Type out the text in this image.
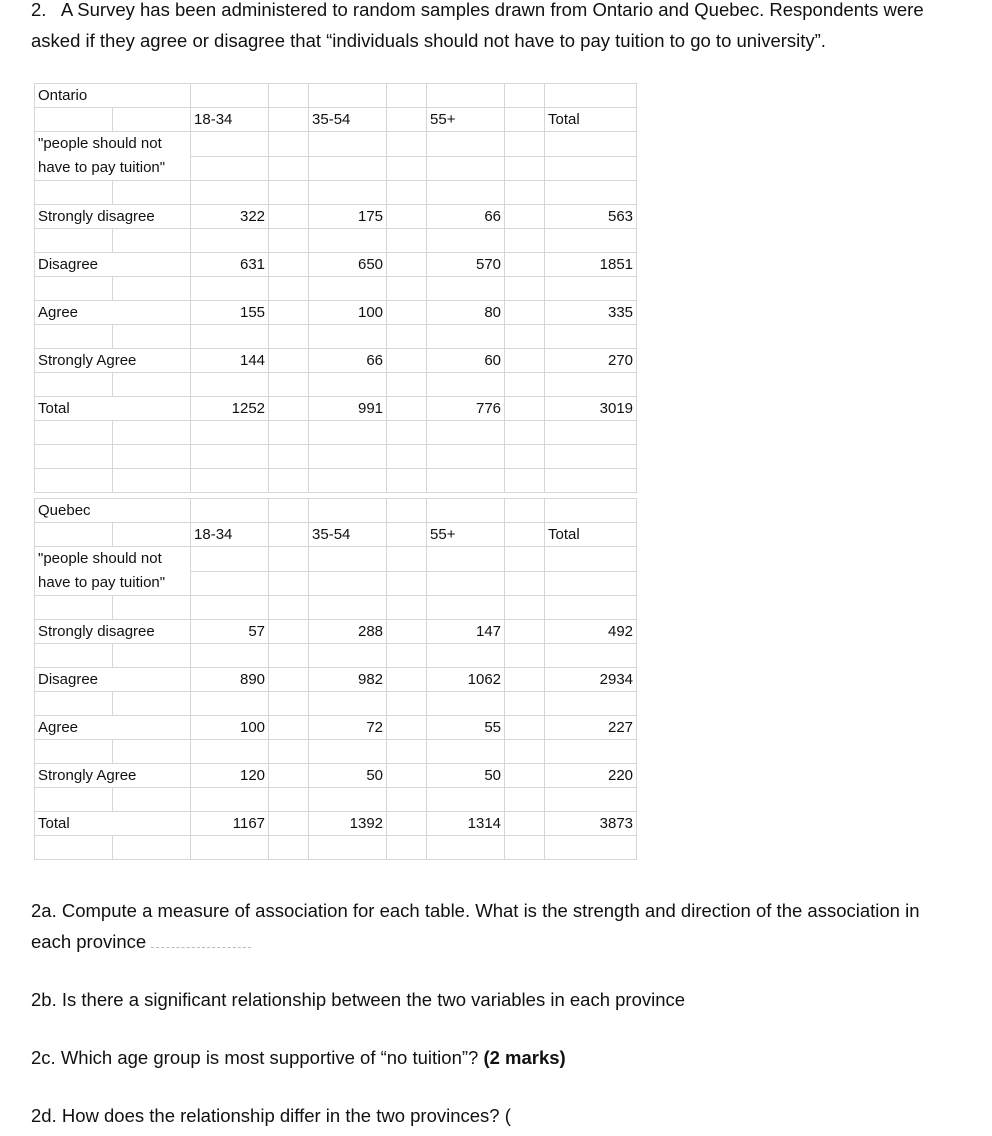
2. A Survey has been administered to random samples drawn from Ontario and Quebec. Respondents were asked if they agree or disagree that “individuals should not have to pay tuition to go to university”.
Ontario								
		18-34		35-54		55+		Total
"people should not have to pay tuition"								

Strongly disagree		322		175		66		563

Disagree		631		650		570		1851

Agree		155		100		80		335

Strongly Agree		144		66		60		270

Total		1252		991		776		3019

Quebec								
		18-34		35-54		55+		Total
"people should not have to pay tuition"								

Strongly disagree		57		288		147		492

Disagree		890		982		1062		2934

Agree		100		72		55		227

Strongly Agree		120		50		50		220

Total		1167		1392		1314		3873

2a. Compute a measure of association for each table. What is the strength and direction of the association in each province
2b. Is there a significant relationship between the two variables in each province
2c. Which age group is most supportive of “no tuition”? (2 marks)
2d. How does the relationship differ in the two provinces? (
